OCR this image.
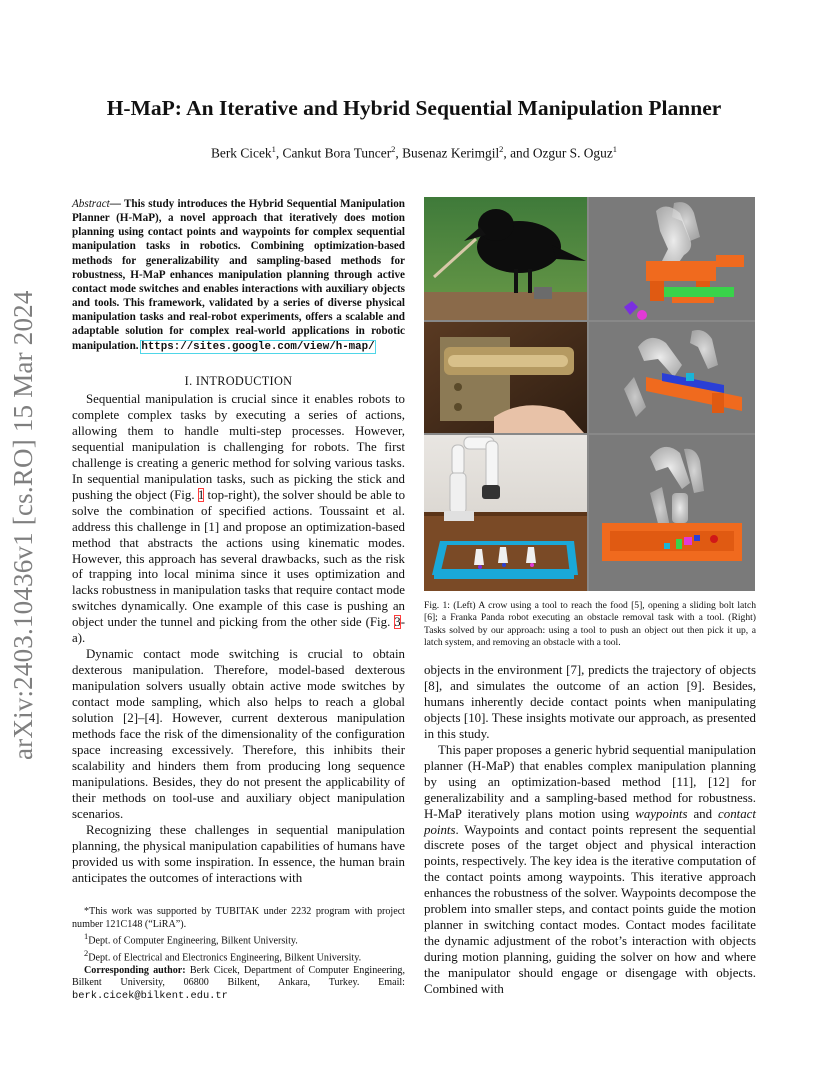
arXiv:2403.10436v1 [cs.RO] 15 Mar 2024
H-MaP: An Iterative and Hybrid Sequential Manipulation Planner
Berk Cicek$^1$, Cankut Bora Tuncer$^2$, Busenaz Kerimgil$^2$, and Ozgur S. Oguz$^1$
Abstract— This study introduces the Hybrid Sequential Manipulation Planner (H-MaP), a novel approach that iteratively does motion planning using contact points and waypoints for complex sequential manipulation tasks in robotics. Combining optimization-based methods for generalizability and sampling-based methods for robustness, H-MaP enhances manipulation planning through active contact mode switches and enables interactions with auxiliary objects and tools. This framework, validated by a series of diverse physical manipulation tasks and real-robot experiments, offers a scalable and adaptable solution for complex real-world applications in robotic manipulation. https://sites.google.com/view/h-map/
I. INTRODUCTION

Sequential manipulation is crucial since it enables robots to complete complex tasks by executing a series of actions, allowing them to handle multi-step processes. However, sequential manipulation is challenging for robots. The first challenge is creating a generic method for solving various tasks. In sequential manipulation tasks, such as picking the stick and pushing the object (Fig. 1 top-right), the solver should be able to solve the combination of specified actions. Toussaint et al. address this challenge in [1] and propose an optimization-based method that abstracts the actions using kinematic modes. However, this approach has several drawbacks, such as the risk of trapping into local minima since it uses optimization and lacks robustness in manipulation tasks that require contact mode switches dynamically. One example of this case is pushing an object under the tunnel and picking from the other side (Fig. 3-a).

Dynamic contact mode switching is crucial to obtain dexterous manipulation. Therefore, model-based dexterous manipulation solvers usually obtain active mode switches by contact mode sampling, which also helps to reach a global solution [2]–[4]. However, current dexterous manipulation methods face the risk of the dimensionality of the configuration space increasing excessively. Therefore, this inhibits their scalability and hinders them from producing long sequence manipulations. Besides, they do not present the applicability of their methods on tool-use and auxiliary object manipulation scenarios.

Recognizing these challenges in sequential manipulation planning, the physical manipulation capabilities of humans have provided us with some inspiration. In essence, the human brain anticipates the outcomes of interactions with

*This work was supported by TUBITAK under 2232 program with project number 121C148 (“LiRA”).

$^1$Dept. of Computer Engineering, Bilkent University.

$^2$Dept. of Electrical and Electronics Engineering, Bilkent University.

Corresponding author: Berk Cicek, Department of Computer Engineering, Bilkent University, 06800 Bilkent, Ankara, Turkey. Email: berk.cicek@bilkent.edu.tr

Fig. 1: (Left) A crow using a tool to reach the food [5], opening a sliding bolt latch [6]; a Franka Panda robot executing an obstacle removal task with a tool. (Right) Tasks solved by our approach: using a tool to push an object out then pick it up, a latch system, and removing an obstacle with a tool.

objects in the environment [7], predicts the trajectory of objects [8], and simulates the outcome of an action [9]. Besides, humans inherently decide contact points when manipulating objects [10]. These insights motivate our approach, as presented in this study.

This paper proposes a generic hybrid sequential manipulation planner (H-MaP) that enables complex manipulation planning by using an optimization-based method [11], [12] for generalizability and a sampling-based method for robustness. H-MaP iteratively plans motion using waypoints and contact points. Waypoints and contact points represent the sequential discrete poses of the target object and physical interaction points, respectively. The key idea is the iterative computation of the contact points among waypoints. This iterative approach enhances the robustness of the solver. Waypoints decompose the problem into smaller steps, and contact points guide the motion planner in switching contact modes. Contact modes facilitate the dynamic adjustment of the robot’s interaction with objects during motion planning, guiding the solver on how and where the manipulator should engage or disengage with objects. Combined with
